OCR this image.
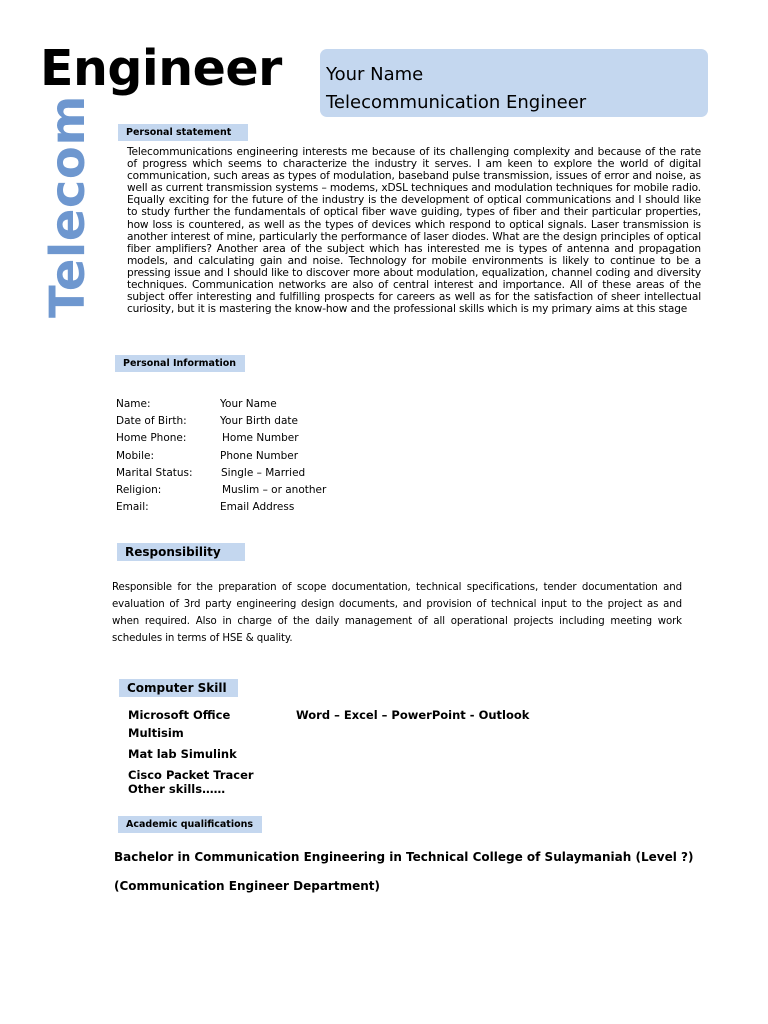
Engineer
Telecom
Your Name
Telecommunication Engineer
Personal statement
Telecommunications engineering interests me because of its challenging complexity and because of the rate of progress which seems to characterize the industry it serves. I am keen to explore the world of digital communication, such areas as types of modulation, baseband pulse transmission, issues of error and noise, as well as current transmission systems – modems, xDSL techniques and modulation techniques for mobile radio. Equally exciting for the future of the industry is the development of optical communications and I should like to study further the fundamentals of optical fiber wave guiding, types of fiber and their particular properties, how loss is countered, as well as the types of devices which respond to optical signals. Laser transmission is another interest of mine, particularly the performance of laser diodes. What are the design principles of optical fiber amplifiers? Another area of the subject which has interested me is types of antenna and propagation models, and calculating gain and noise. Technology for mobile environments is likely to continue to be a pressing issue and I should like to discover more about modulation, equalization, channel coding and diversity techniques. Communication networks are also of central interest and importance. All of these areas of the subject offer interesting and fulfilling prospects for careers as well as for the satisfaction of sheer intellectual curiosity, but it is mastering the know-how and the professional skills which is my primary aims at this stage
Personal Information
Name:	Your Name
Date of Birth:	Your Birth date
Home Phone:	Home Number
Mobile:	Phone Number
Marital Status:	Single – Married
Religion:	Muslim – or another
Email:	Email Address
Responsibility
Responsible for the preparation of scope documentation, technical specifications, tender documentation and evaluation of 3rd party engineering design documents, and provision of technical input to the project as and when required. Also in charge of the daily management of all operational projects including meeting work schedules in terms of HSE & quality.
Computer Skill
Microsoft Office	Word – Excel – PowerPoint - Outlook
Multisim
Mat lab Simulink
Cisco Packet Tracer
Other skills……
Academic qualifications
Bachelor in Communication Engineering in Technical College of Sulaymaniah (Level ?)
(Communication Engineer Department)
